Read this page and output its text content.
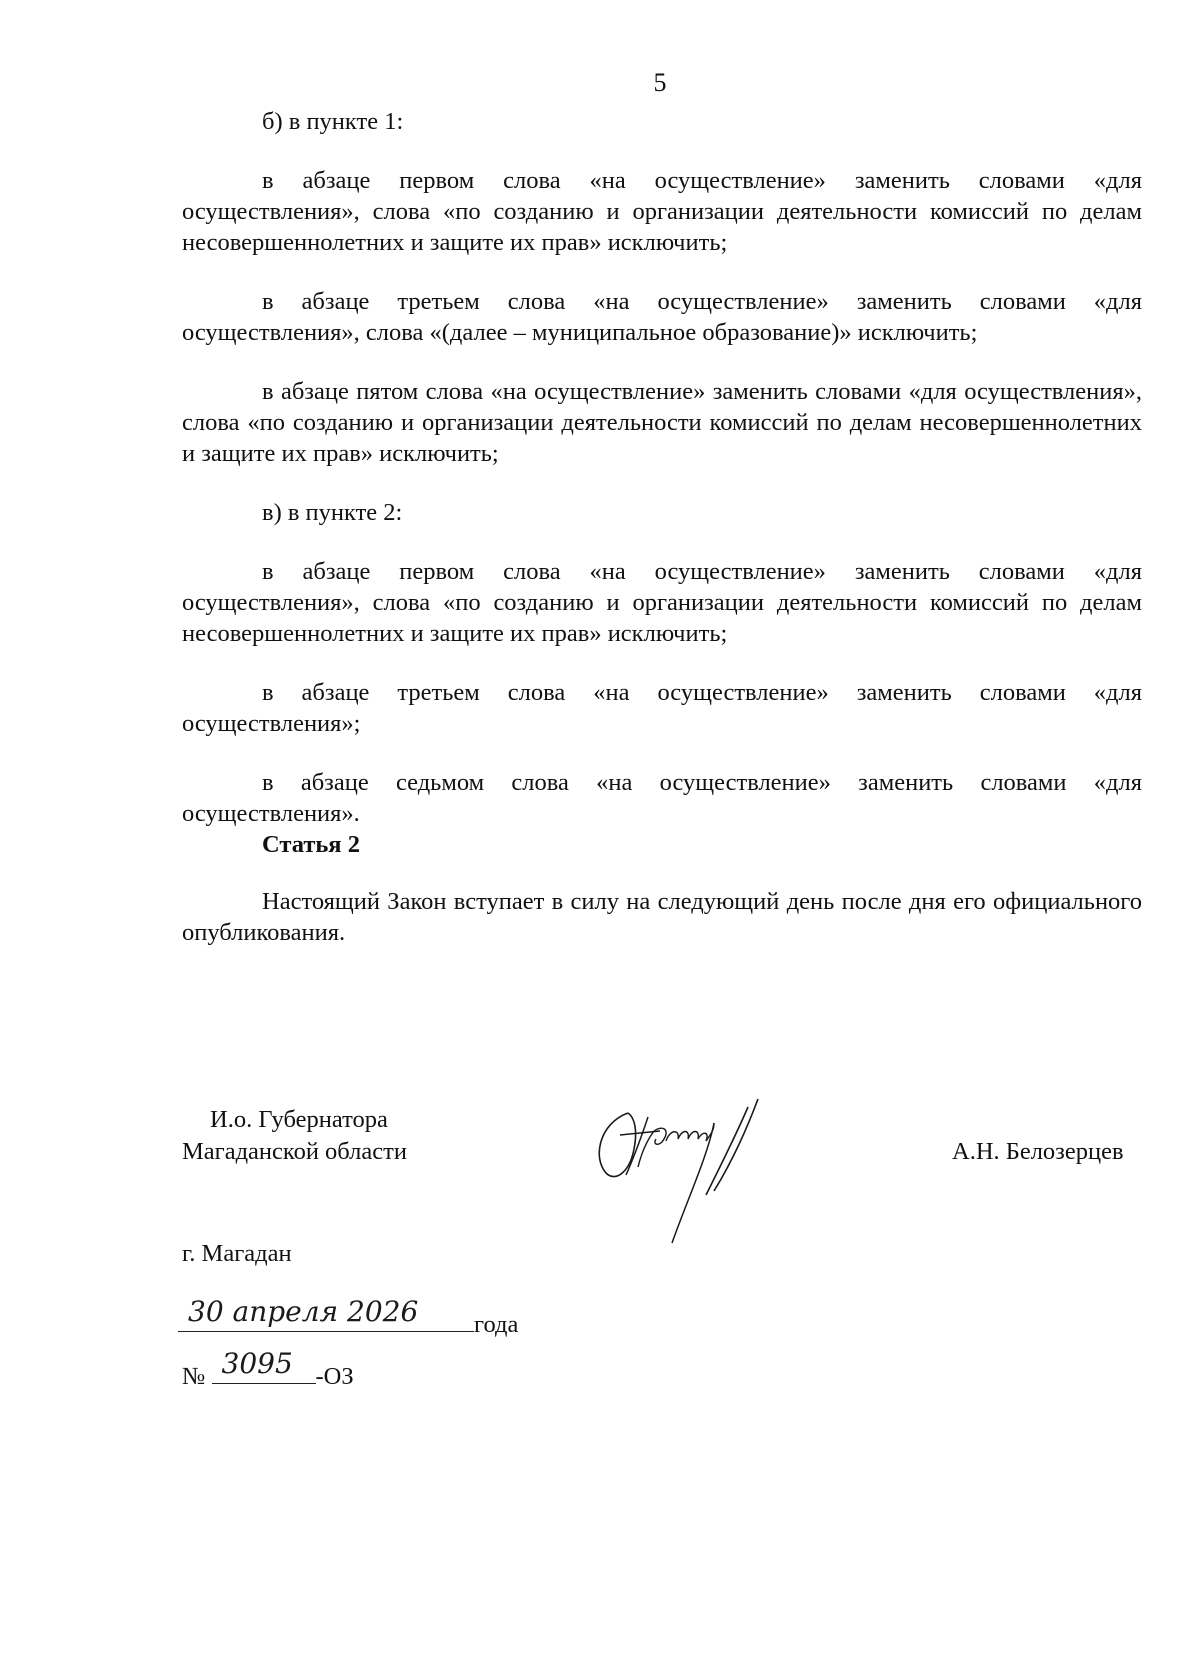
5

б) в пункте 1:

в абзаце первом слова «на осуществление» заменить словами «для осуществления», слова «по созданию и организации деятельности комиссий по делам несовершеннолетних и защите их прав» исключить;

в абзаце третьем слова «на осуществление» заменить словами «для осуществления», слова «(далее – муниципальное образование)» исключить;

в абзаце пятом слова «на осуществление» заменить словами «для осуществления», слова «по созданию и организации деятельности комиссий по делам несовершеннолетних и защите их прав» исключить;

в) в пункте 2:

в абзаце первом слова «на осуществление» заменить словами «для осуществления», слова «по созданию и организации деятельности комиссий по делам несовершеннолетних и защите их прав» исключить;

в абзаце третьем слова «на осуществление» заменить словами «для осуществления»;

в абзаце седьмом слова «на осуществление» заменить словами «для осуществления».

Статья 2

Настоящий Закон вступает в силу на следующий день после дня его официального опубликования.

И.о. Губернатора
Магаданской области	А.Н. Белозерцев
г. Магадан
30 апреля 2026 года
№ 3095 -ОЗ
